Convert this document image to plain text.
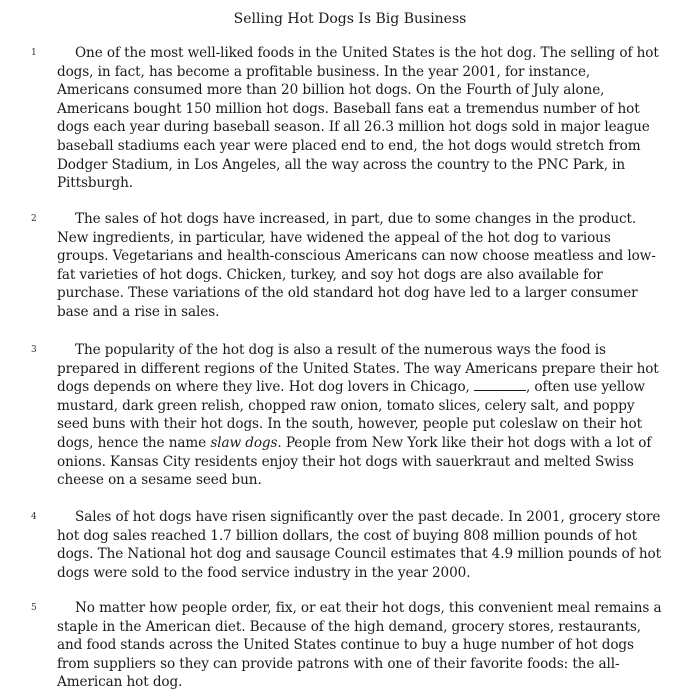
Selling Hot Dogs Is Big Business
1	One of the most well-liked foods in the United States is the hot dog. The selling of hot dogs, in fact, has become a profitable business. In the year 2001, for instance, Americans consumed more than 20 billion hot dogs. On the Fourth of July alone, Americans bought 150 million hot dogs. Baseball fans eat a tremendus number of hot dogs each year during baseball season. If all 26.3 million hot dogs sold in major league baseball stadiums each year were placed end to end, the hot dogs would stretch from Dodger Stadium, in Los Angeles, all the way across the country to the PNC Park, in Pittsburgh.
2	The sales of hot dogs have increased, in part, due to some changes in the product. New ingredients, in particular, have widened the appeal of the hot dog to various groups. Vegetarians and health-conscious Americans can now choose meatless and low-fat varieties of hot dogs. Chicken, turkey, and soy hot dogs are also available for purchase. These variations of the old standard hot dog have led to a larger consumer base and a rise in sales.
3	The popularity of the hot dog is also a result of the numerous ways the food is prepared in different regions of the United States. The way Americans prepare their hot dogs depends on where they live. Hot dog lovers in Chicago,	, often use yellow mustard, dark green relish, chopped raw onion, tomato slices, celery salt, and poppy seed buns with their hot dogs. In the south, however, people put coleslaw on their hot dogs, hence the name slaw dogs. People from New York like their hot dogs with a lot of onions. Kansas City residents enjoy their hot dogs with sauerkraut and melted Swiss cheese on a sesame seed bun.
4	Sales of hot dogs have risen significantly over the past decade. In 2001, grocery store hot dog sales reached 1.7 billion dollars, the cost of buying 808 million pounds of hot dogs. The National hot dog and sausage Council estimates that 4.9 million pounds of hot dogs were sold to the food service industry in the year 2000.
5	No matter how people order, fix, or eat their hot dogs, this convenient meal remains a staple in the American diet. Because of the high demand, grocery stores, restaurants, and food stands across the United States continue to buy a huge number of hot dogs from suppliers so they can provide patrons with one of their favorite foods: the all-American hot dog.
